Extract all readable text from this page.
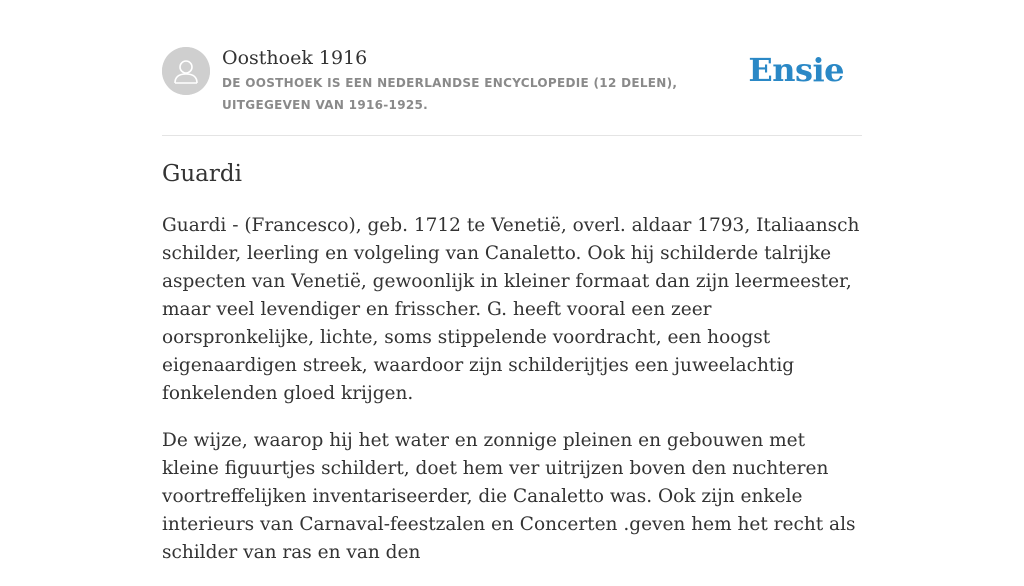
Oosthoek 1916
DE OOSTHOEK IS EEN NEDERLANDSE ENCYCLOPEDIE (12 DELEN), UITGEGEVEN VAN 1916-1925.
Ensie
Guardi

Guardi - (Francesco), geb. 1712 te Venetië, overl. aldaar 1793, Italiaansch schilder, leerling en volgeling van Canaletto. Ook hij schilderde talrijke aspecten van Venetië, gewoonlijk in kleiner formaat dan zijn leermeester, maar veel levendiger en frisscher. G. heeft vooral een zeer oorspronkelijke, lichte, soms stippelende voordracht, een hoogst eigenaardigen streek, waardoor zijn schilderijtjes een juweelachtig fonkelenden gloed krijgen.

De wijze, waarop hij het water en zonnige pleinen en gebouwen met kleine figuurtjes schildert, doet hem ver uitrijzen boven den nuchteren voortreffelijken inventariseerder, die Canaletto was. Ook zijn enkele interieurs van Carnaval-feestzalen en Concerten .geven hem het recht als schilder van ras en van den
